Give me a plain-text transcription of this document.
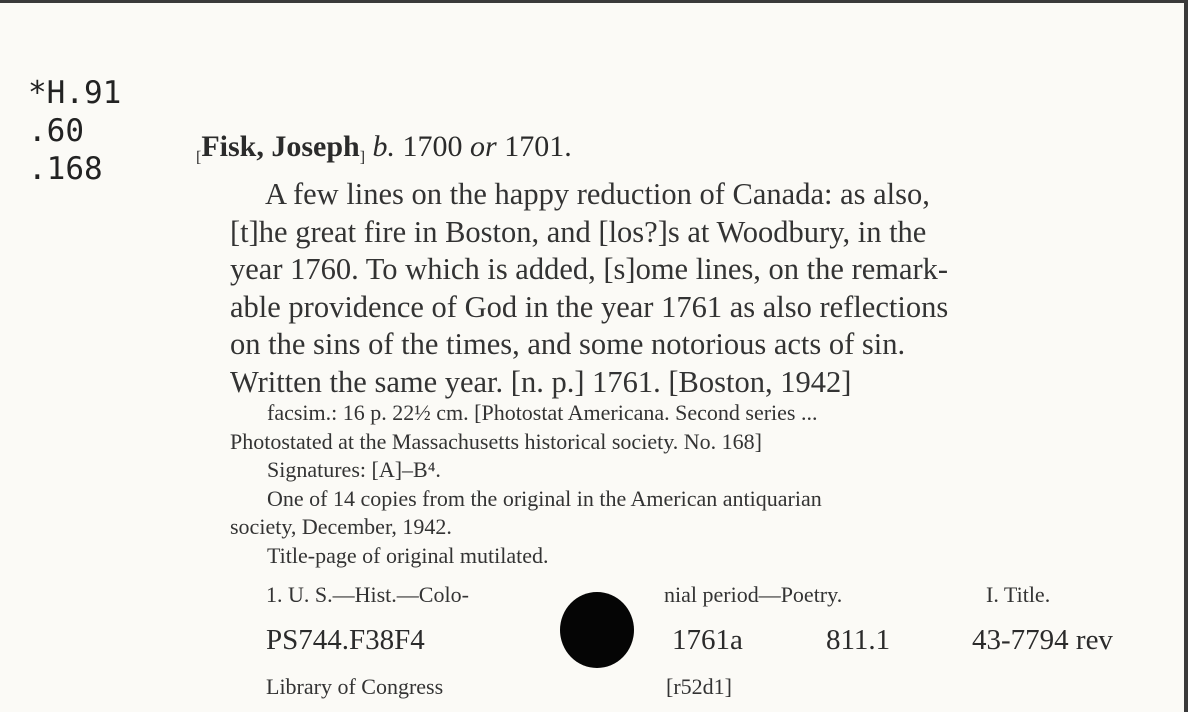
*H.91
.60
.168	$_[$Fisk, Joseph$_]$ b. 1700 or 1701.
A few lines on the happy reduction of Canada: as also,
[t]he great fire in Boston, and [los?]s at Woodbury, in the
year 1760. To which is added, [s]ome lines, on the remark-
able providence of God in the year 1761 as also reflections
on the sins of the times, and some notorious acts of sin.
Written the same year. [n. p.] 1761. [Boston, 1942]
facsim.: 16 p. 22½ cm. [Photostat Americana. Second series ...
Photostated at the Massachusetts historical society. No. 168]
Signatures: [A]–B⁴.
One of 14 copies from the original in the American antiquarian
society, December, 1942.
Title-page of original mutilated.
1. U. S.—Hist.—Colo-	nial period—Poetry.	I. Title.
PS744.F38F4	1761a	811.1	43-7794 rev
Library of Congress	[r52d1]
